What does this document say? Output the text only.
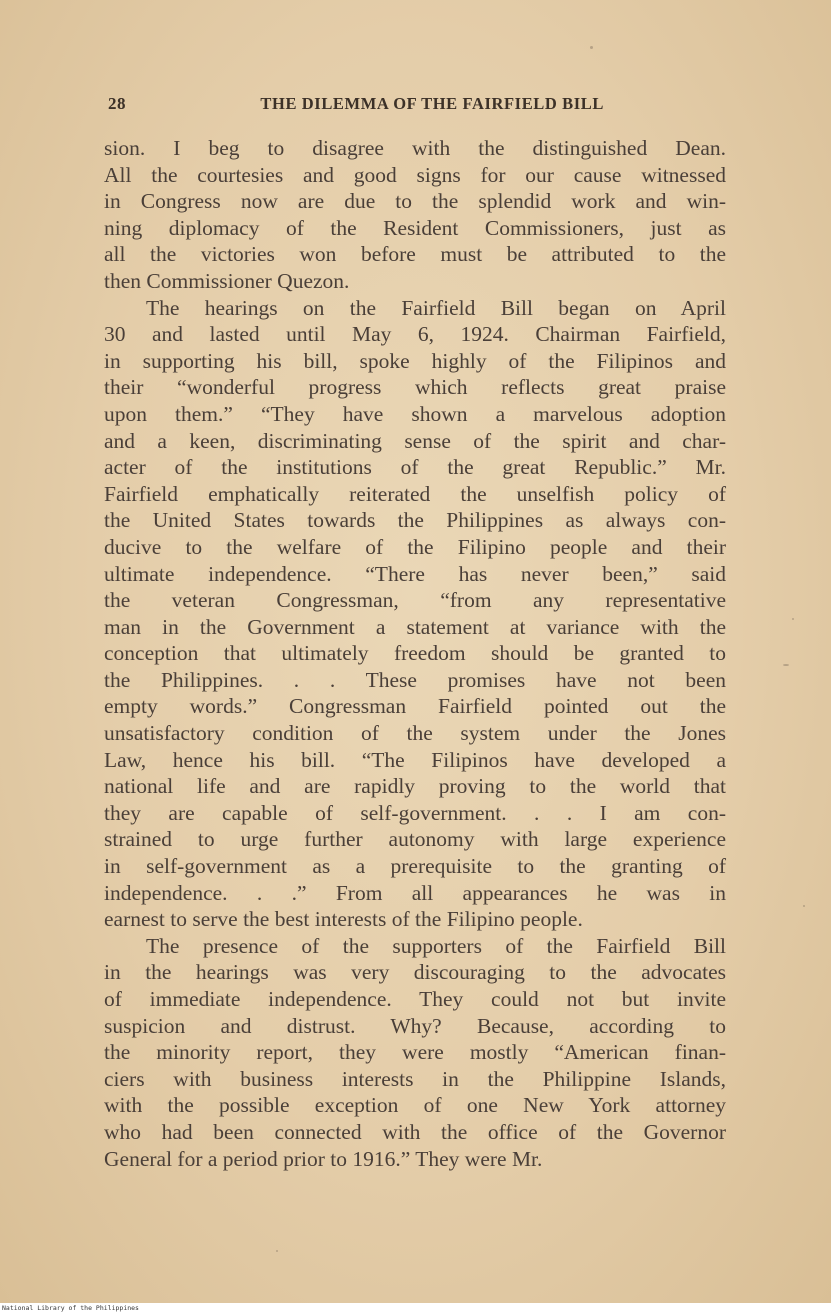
28	THE DILEMMA OF THE FAIRFIELD BILL
sion. I beg to disagree with the distinguished Dean.
All the courtesies and good signs for our cause witnessed
in Congress now are due to the splendid work and win-
ning diplomacy of the Resident Commissioners, just as
all the victories won before must be attributed to the
then Commissioner Quezon.
The hearings on the Fairfield Bill began on April
30 and lasted until May 6, 1924. Chairman Fairfield,
in supporting his bill, spoke highly of the Filipinos and
their “wonderful progress which reflects great praise
upon them.” “They have shown a marvelous adoption
and a keen, discriminating sense of the spirit and char-
acter of the institutions of the great Republic.” Mr.
Fairfield emphatically reiterated the unselfish policy of
the United States towards the Philippines as always con-
ducive to the welfare of the Filipino people and their
ultimate independence. “There has never been,” said
the veteran Congressman, “from any representative
man in the Government a statement at variance with the
conception that ultimately freedom should be granted to
the Philippines. . . These promises have not been
empty words.” Congressman Fairfield pointed out the
unsatisfactory condition of the system under the Jones
Law, hence his bill. “The Filipinos have developed a
national life and are rapidly proving to the world that
they are capable of self-government. . . I am con-
strained to urge further autonomy with large experience
in self-government as a prerequisite to the granting of
independence. . .” From all appearances he was in
earnest to serve the best interests of the Filipino people.
The presence of the supporters of the Fairfield Bill
in the hearings was very discouraging to the advocates
of immediate independence. They could not but invite
suspicion and distrust. Why? Because, according to
the minority report, they were mostly “American finan-
ciers with business interests in the Philippine Islands,
with the possible exception of one New York attorney
who had been connected with the office of the Governor
General for a period prior to 1916.” They were Mr.
National Library of the Philippines
